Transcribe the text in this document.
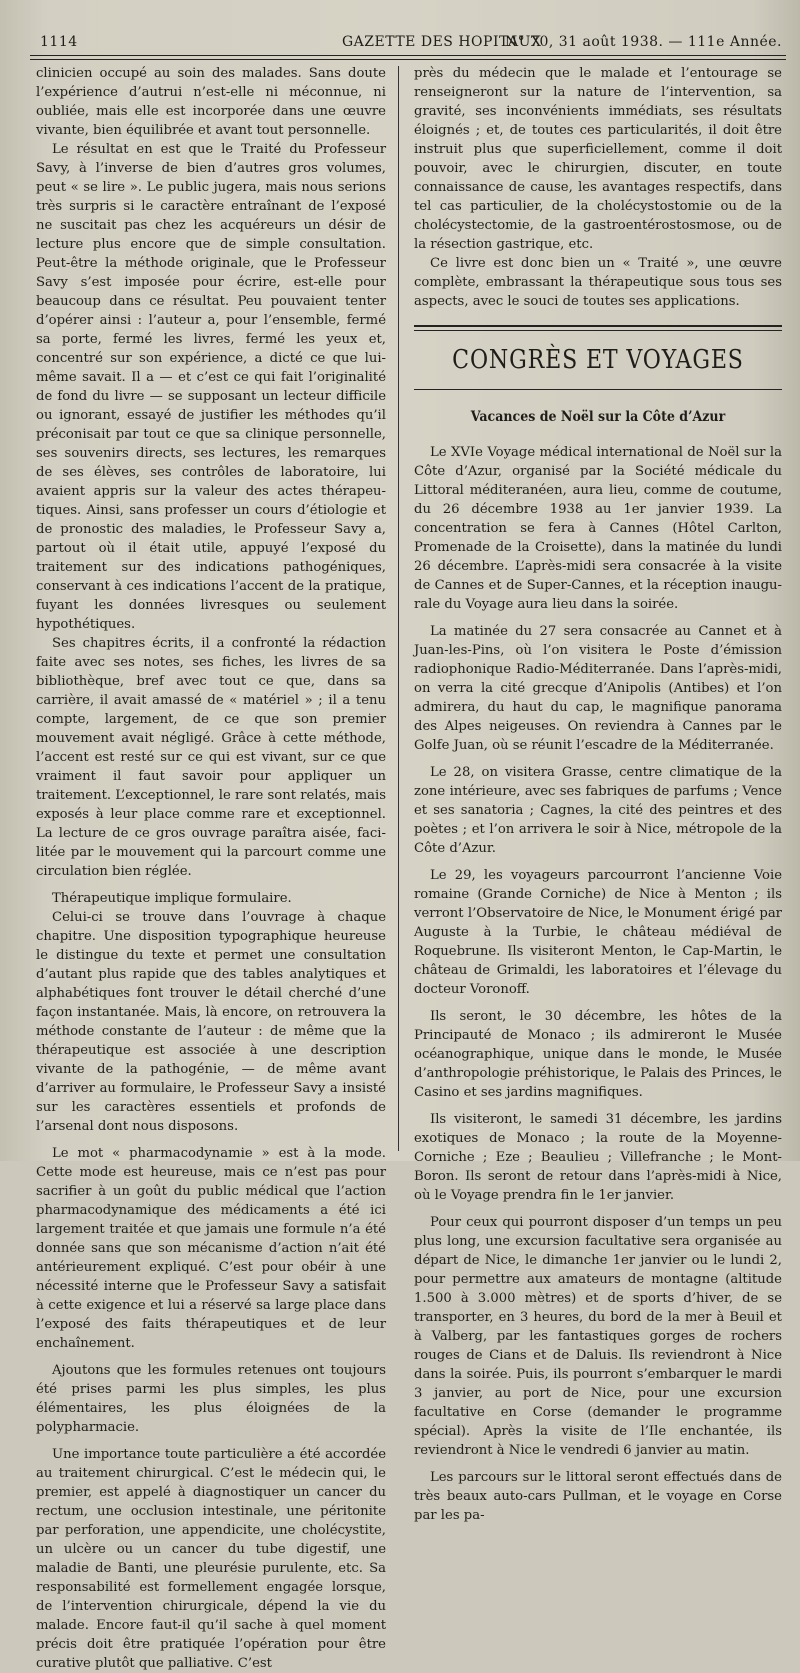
1114	GAZETTE DES HOPITAUX
N° 70, 31 août 1938. — 111e Année.

clinicien occupé au soin des malades. Sans doute l’expérience d’autrui n’est-elle ni méconnue, ni oubliée, mais elle est incorporée dans une œuvre vivante, bien équilibrée et avant tout personnelle.

Le résultat en est que le Traité du Professeur Savy, à l’inverse de bien d’autres gros volumes, peut « se lire ». Le public jugera, mais nous serions très surpris si le caractère entraînant de l’exposé ne suscitait pas chez les acquéreurs un désir de lecture plus encore que de simple consultation. Peut-être la méthode originale, que le Professeur Savy s’est imposée pour écrire, est-elle pour beaucoup dans ce résultat. Peu pouvaient tenter d’opérer ainsi : l’auteur a, pour l’ensemble, fermé sa porte, fermé les livres, fermé les yeux et, concentré sur son expérience, a dicté ce que lui-même savait. Il a — et c’est ce qui fait l’originalité de fond du livre — se supposant un lecteur difficile ou ignorant, essayé de justifier les méthodes qu’il préconisait par tout ce que sa clinique personnelle, ses souvenirs directs, ses lectures, les remarques de ses élèves, ses contrôles de laboratoire, lui avaient appris sur la valeur des actes thérapeutiques. Ainsi, sans professer un cours d’étiologie et de pronostic des maladies, le Professeur Savy a, partout où il était utile, appuyé l’exposé du traitement sur des indications pathogéniques, conservant à ces indications l’accent de la pratique, fuyant les données livresques ou seulement hypothétiques.

Ses chapitres écrits, il a confronté la rédaction faite avec ses notes, ses fiches, les livres de sa bibliothèque, bref avec tout ce que, dans sa carrière, il avait amassé de « matériel » ; il a tenu compte, largement, de ce que son premier mouvement avait négligé. Grâce à cette méthode, l’accent est resté sur ce qui est vivant, sur ce que vraiment il faut savoir pour appliquer un traitement. L’exceptionnel, le rare sont relatés, mais exposés à leur place comme rare et exceptionnel. La lecture de ce gros ouvrage paraîtra aisée, facilitée par le mouvement qui la parcourt comme une circulation bien réglée.

Thérapeutique implique formulaire.

Celui-ci se trouve dans l’ouvrage à chaque chapitre. Une disposition typographique heureuse le distingue du texte et permet une consultation d’autant plus rapide que des tables analytiques et alphabétiques font trouver le détail cherché d’une façon instantanée. Mais, là encore, on retrouvera la méthode constante de l’auteur : de même que la thérapeutique est associée à une description vivante de la pathogénie, — de même avant d’arriver au formulaire, le Professeur Savy a insisté sur les caractères essentiels et profonds de l’arsenal dont nous disposons.

Le mot « pharmacodynamie » est à la mode. Cette mode est heureuse, mais ce n’est pas pour sacrifier à un goût du public médical que l’action pharmacodynamique des médicaments a été ici largement traitée et que jamais une formule n’a été donnée sans que son mécanisme d’action n’ait été antérieurement expliqué. C’est pour obéir à une nécessité interne que le Professeur Savy a satisfait à cette exigence et lui a réservé sa large place dans l’exposé des faits thérapeutiques et de leur enchaînement.

Ajoutons que les formules retenues ont toujours été prises parmi les plus simples, les plus élémentaires, les plus éloignées de la polypharmacie.

Une importance toute particulière a été accordée au traitement chirurgical. C’est le médecin qui, le premier, est appelé à diagnostiquer un cancer du rectum, une occlusion intestinale, une péritonite par perforation, une appendicite, une cholécystite, un ulcère ou un cancer du tube digestif, une maladie de Banti, une pleurésie purulente, etc. Sa responsabilité est formellement engagée lorsque, de l’intervention chirurgicale, dépend la vie du malade. Encore faut-il qu’il sache à quel moment précis doit être pratiquée l’opération pour être curative plutôt que palliative. C’est

près du médecin que le malade et l’entourage se renseigneront sur la nature de l’intervention, sa gravité, ses inconvénients immédiats, ses résultats éloignés ; et, de toutes ces particularités, il doit être instruit plus que superficiellement, comme il doit pouvoir, avec le chirurgien, discuter, en toute connaissance de cause, les avantages respectifs, dans tel cas particulier, de la cholécystostomie ou de la cholécystectomie, de la gastroentérostosmose, ou de la résection gastrique, etc.

Ce livre est donc bien un « Traité », une œuvre complète, embrassant la thérapeutique sous tous ses aspects, avec le souci de toutes ses applications.

CONGRÈS ET VOYAGES
Vacances de Noël sur la Côte d’Azur

Le XVIe Voyage médical international de Noël sur la Côte d’Azur, organisé par la Société médicale du Littoral méditeranéen, aura lieu, comme de coutume, du 26 décembre 1938 au 1er janvier 1939. La concentration se fera à Cannes (Hôtel Carlton, Promenade de la Croisette), dans la matinée du lundi 26 décembre. L’après-midi sera consacrée à la visite de Cannes et de Super-Cannes, et la réception inaugurale du Voyage aura lieu dans la soirée.

La matinée du 27 sera consacrée au Cannet et à Juan-les-Pins, où l’on visitera le Poste d’émission radiophonique Radio-Méditerranée. Dans l’après-midi, on verra la cité grecque d’Anipolis (Antibes) et l’on admirera, du haut du cap, le magnifique panorama des Alpes neigeuses. On reviendra à Cannes par le Golfe Juan, où se réunit l’escadre de la Méditerranée.

Le 28, on visitera Grasse, centre climatique de la zone intérieure, avec ses fabriques de parfums ; Vence et ses sanatoria ; Cagnes, la cité des peintres et des poètes ; et l’on arrivera le soir à Nice, métropole de la Côte d’Azur.

Le 29, les voyageurs parcourront l’ancienne Voie romaine (Grande Corniche) de Nice à Menton ; ils verront l’Observatoire de Nice, le Monument érigé par Auguste à la Turbie, le château médiéval de Roquebrune. Ils visiteront Menton, le Cap-Martin, le château de Grimaldi, les laboratoires et l’élevage du docteur Voronoff.

Ils seront, le 30 décembre, les hôtes de la Principauté de Monaco ; ils admireront le Musée océanographique, unique dans le monde, le Musée d’anthropologie préhistorique, le Palais des Princes, le Casino et ses jardins magnifiques.

Ils visiteront, le samedi 31 décembre, les jardins exotiques de Monaco ; la route de la Moyenne-Corniche ; Eze ; Beaulieu ; Villefranche ; le Mont-Boron. Ils seront de retour dans l’après-midi à Nice, où le Voyage prendra fin le 1er janvier.

Pour ceux qui pourront disposer d’un temps un peu plus long, une excursion facultative sera organisée au départ de Nice, le dimanche 1er janvier ou le lundi 2, pour permettre aux amateurs de montagne (altitude 1.500 à 3.000 mètres) et de sports d’hiver, de se transporter, en 3 heures, du bord de la mer à Beuil et à Valberg, par les fantastiques gorges de rochers rouges de Cians et de Daluis. Ils reviendront à Nice dans la soirée. Puis, ils pourront s’embarquer le mardi 3 janvier, au port de Nice, pour une excursion facultative en Corse (demander le programme spécial). Après la visite de l’Ile enchantée, ils reviendront à Nice le vendredi 6 janvier au matin.

Les parcours sur le littoral seront effectués dans de très beaux auto-cars Pullman, et le voyage en Corse par les pa-
